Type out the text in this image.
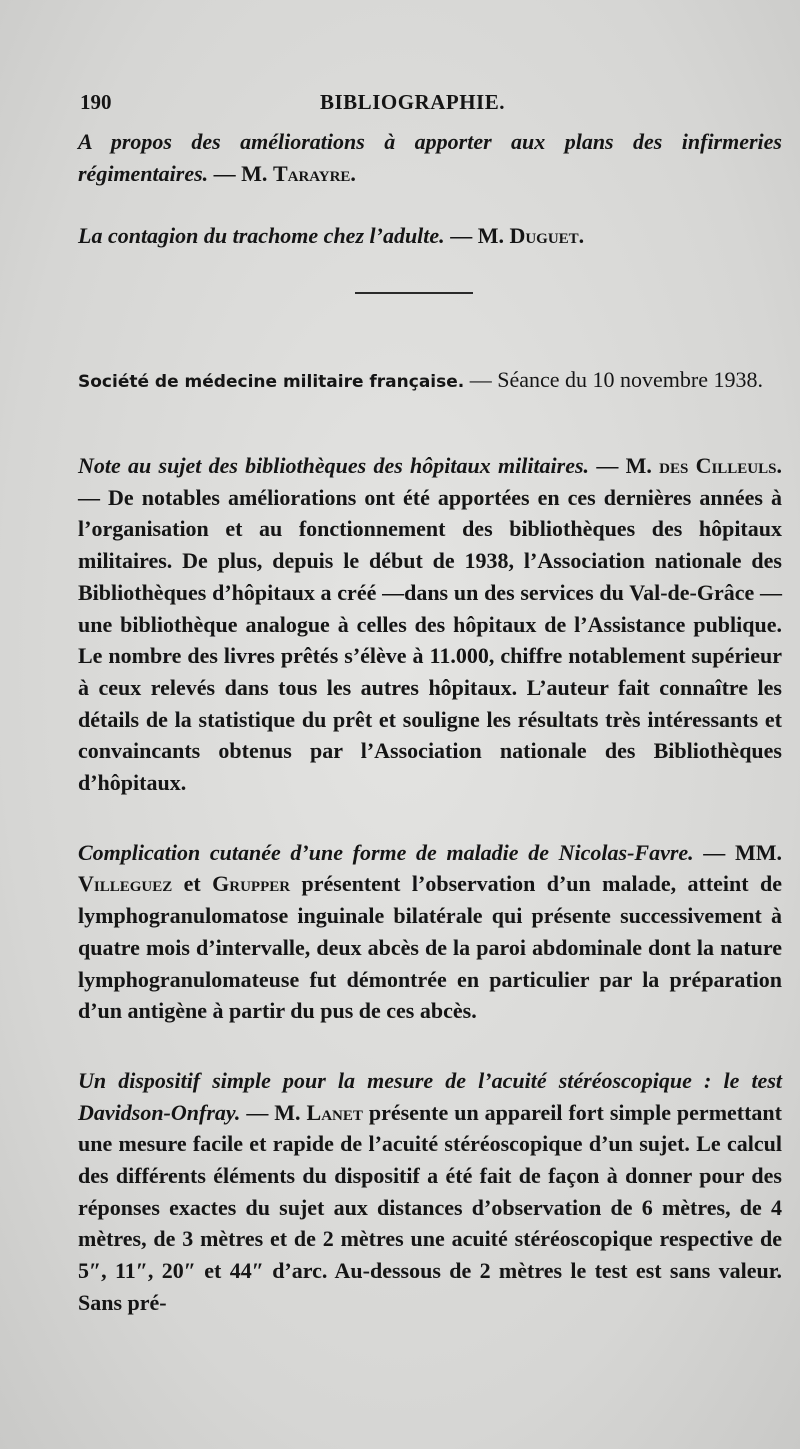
190	BIBLIOGRAPHIE.

A propos des améliorations à apporter aux plans des infirmeries régimentaires. — M. Tarayre.

La contagion du trachome chez l’adulte. — M. Duguet.

Société de médecine militaire française. — Séance du 10 novembre 1938.

Note au sujet des bibliothèques des hôpitaux militaires. — M. des Cilleuls. — De notables améliorations ont été apportées en ces dernières années à l’organisation et au fonctionnement des bibliothèques des hôpitaux militaires. De plus, depuis le début de 1938, l’Association nationale des Bibliothèques d’hôpitaux a créé —dans un des services du Val-de-Grâce — une bibliothèque analogue à celles des hôpitaux de l’Assistance publique. Le nombre des livres prêtés s’élève à 11.000, chiffre notablement supérieur à ceux relevés dans tous les autres hôpitaux. L’auteur fait connaître les détails de la statistique du prêt et souligne les résultats très intéressants et convaincants obtenus par l’Association nationale des Bibliothèques d’hôpitaux.

Complication cutanée d’une forme de maladie de Nicolas-Favre. — MM. Villeguez et Grupper présentent l’observation d’un malade, atteint de lymphogranulomatose inguinale bilatérale qui présente successivement à quatre mois d’intervalle, deux abcès de la paroi abdominale dont la nature lymphogranulomateuse fut démontrée en particulier par la préparation d’un antigène à partir du pus de ces abcès.

Un dispositif simple pour la mesure de l’acuité stéréoscopique : le test Davidson-Onfray. — M. Lanet présente un appareil fort simple permettant une mesure facile et rapide de l’acuité stéréoscopique d’un sujet. Le calcul des différents éléments du dispositif a été fait de façon à donner pour des réponses exactes du sujet aux distances d’observation de 6 mètres, de 4 mètres, de 3 mètres et de 2 mètres une acuité stéréoscopique respective de 5″, 11″, 20″ et 44″ d’arc. Au-dessous de 2 mètres le test est sans valeur. Sans pré-
